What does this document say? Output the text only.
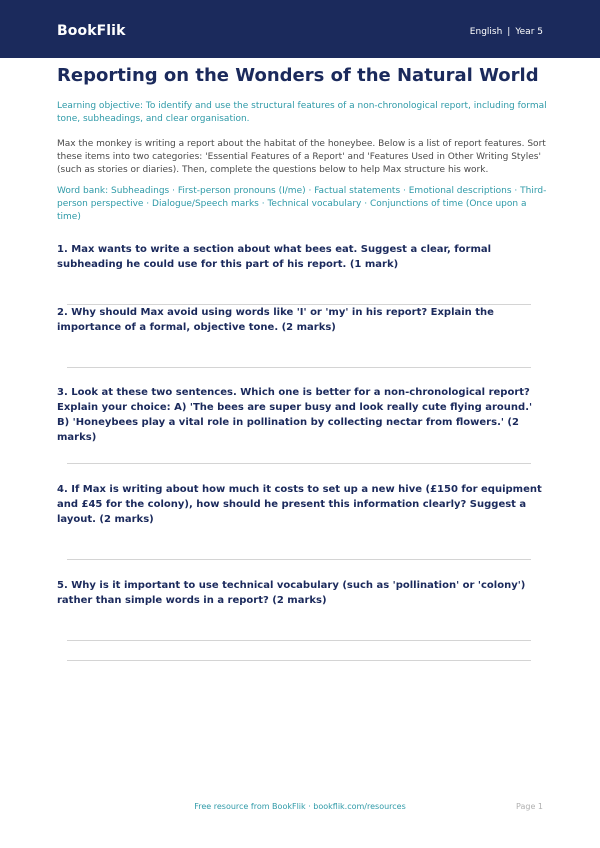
BookFlik	English | Year 5
Reporting on the Wonders of the Natural World

Learning objective: To identify and use the structural features of a non-chronological report, including formal tone, subheadings, and clear organisation.

Max the monkey is writing a report about the habitat of the honeybee. Below is a list of report features. Sort these items into two categories: 'Essential Features of a Report' and 'Features Used in Other Writing Styles' (such as stories or diaries). Then, complete the questions below to help Max structure his work.

Word bank: Subheadings · First-person pronouns (I/me) · Factual statements · Emotional descriptions · Third-person perspective · Dialogue/Speech marks · Technical vocabulary · Conjunctions of time (Once upon a time)

1. Max wants to write a section about what bees eat. Suggest a clear, formal subheading he could use for this part of his report. (1 mark)

2. Why should Max avoid using words like 'I' or 'my' in his report? Explain the importance of a formal, objective tone. (2 marks)

3. Look at these two sentences. Which one is better for a non-chronological report? Explain your choice: A) 'The bees are super busy and look really cute flying around.' B) 'Honeybees play a vital role in pollination by collecting nectar from flowers.' (2 marks)

4. If Max is writing about how much it costs to set up a new hive (£150 for equipment and £45 for the colony), how should he present this information clearly? Suggest a layout. (2 marks)

5. Why is it important to use technical vocabulary (such as 'pollination' or 'colony') rather than simple words in a report? (2 marks)

Free resource from BookFlik · bookflik.com/resources	Page 1
